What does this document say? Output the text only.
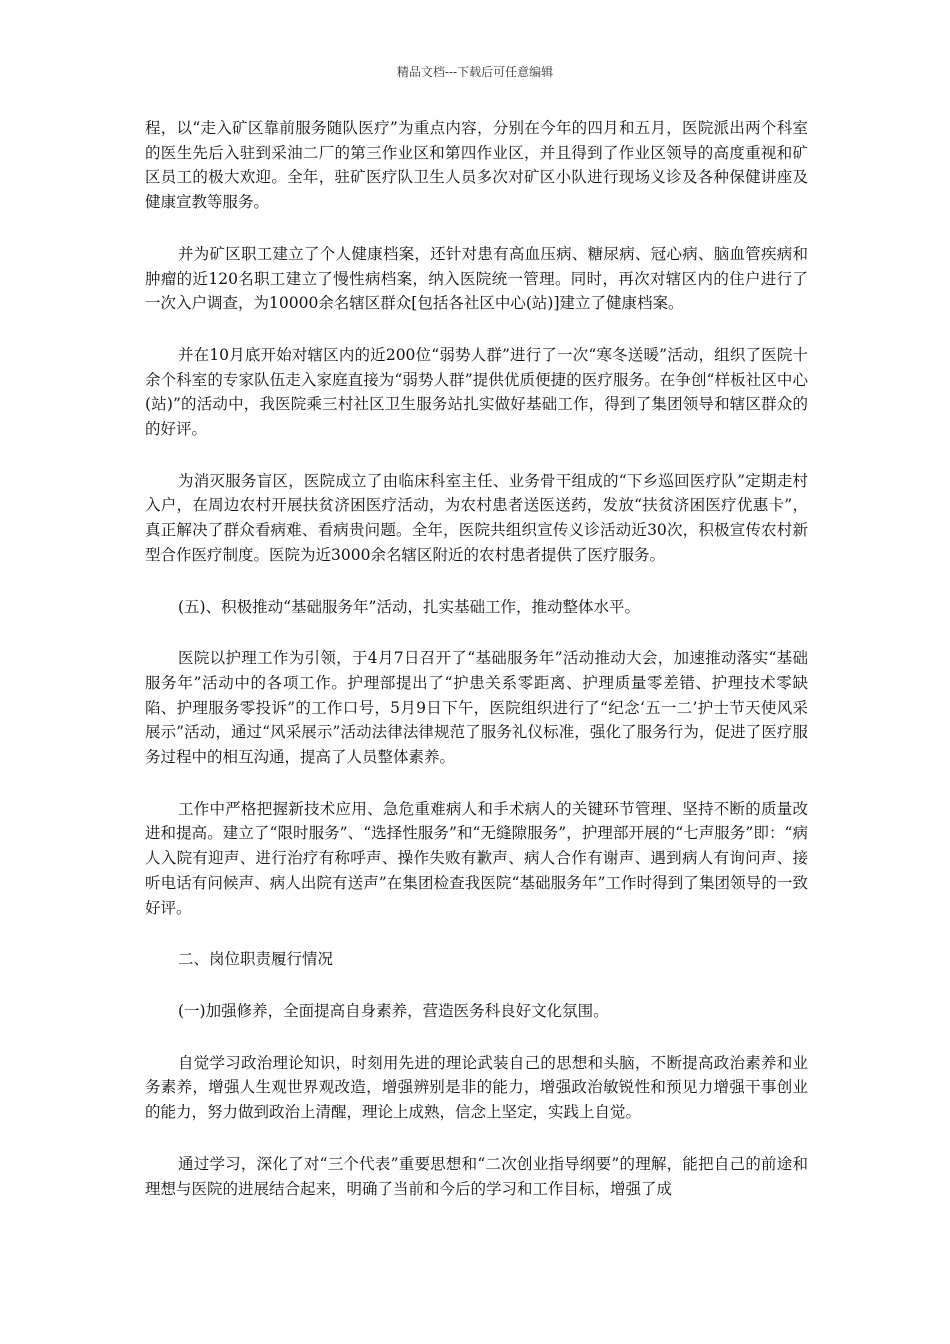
精品文档---下载后可任意编辑

程，以“走入矿区靠前服务随队医疗”为重点内容，分别在今年的四月和五月，医院派出两个科室的医生先后入驻到采油二厂的第三作业区和第四作业区，并且得到了作业区领导的高度重视和矿区员工的极大欢迎。全年，驻矿医疗队卫生人员多次对矿区小队进行现场义诊及各种保健讲座及健康宣教等服务。

并为矿区职工建立了个人健康档案，还针对患有高血压病、糖尿病、冠心病、脑血管疾病和肿瘤的近120名职工建立了慢性病档案，纳入医院统一管理。同时，再次对辖区内的住户进行了一次入户调查，为10000余名辖区群众[包括各社区中心(站)]建立了健康档案。

并在10月底开始对辖区内的近200位“弱势人群”进行了一次“寒冬送暖”活动，组织了医院十余个科室的专家队伍走入家庭直接为“弱势人群”提供优质便捷的医疗服务。在争创“样板社区中心(站)”的活动中，我医院乘三村社区卫生服务站扎实做好基础工作，得到了集团领导和辖区群众的的好评。

为消灭服务盲区，医院成立了由临床科室主任、业务骨干组成的“下乡巡回医疗队”定期走村入户，在周边农村开展扶贫济困医疗活动，为农村患者送医送药，发放“扶贫济困医疗优惠卡”，真正解决了群众看病难、看病贵问题。全年，医院共组织宣传义诊活动近30次，积极宣传农村新型合作医疗制度。医院为近3000余名辖区附近的农村患者提供了医疗服务。

(五)、积极推动“基础服务年”活动，扎实基础工作，推动整体水平。

医院以护理工作为引领，于4月7日召开了“基础服务年”活动推动大会，加速推动落实“基础服务年”活动中的各项工作。护理部提出了“护患关系零距离、护理质量零差错、护理技术零缺陷、护理服务零投诉”的工作口号，5月9日下午，医院组织进行了“纪念‘五一二’护士节天使风采展示”活动，通过“风采展示”活动法律法律规范了服务礼仪标准，强化了服务行为，促进了医疗服务过程中的相互沟通，提高了人员整体素养。

工作中严格把握新技术应用、急危重难病人和手术病人的关键环节管理、坚持不断的质量改进和提高。建立了“限时服务”、“选择性服务”和“无缝隙服务”，护理部开展的“七声服务”即：“病人入院有迎声、进行治疗有称呼声、操作失败有歉声、病人合作有谢声、遇到病人有询问声、接听电话有问候声、病人出院有送声”在集团检查我医院“基础服务年”工作时得到了集团领导的一致好评。

二、岗位职责履行情况

(一)加强修养，全面提高自身素养，营造医务科良好文化氛围。

自觉学习政治理论知识，时刻用先进的理论武装自己的思想和头脑，不断提高政治素养和业务素养，增强人生观世界观改造，增强辨别是非的能力，增强政治敏锐性和预见力增强干事创业的能力，努力做到政治上清醒，理论上成熟，信念上坚定，实践上自觉。

通过学习，深化了对“三个代表”重要思想和“二次创业指导纲要”的理解，能把自己的前途和理想与医院的进展结合起来，明确了当前和今后的学习和工作目标，增强了成
